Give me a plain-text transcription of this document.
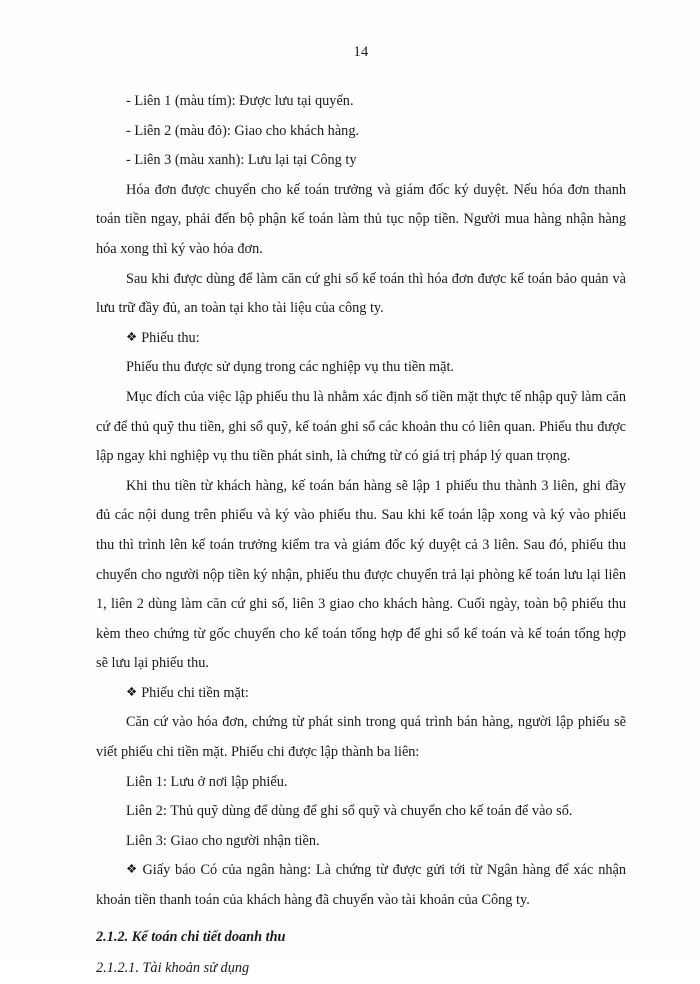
14

- Liên 1 (màu tím): Được lưu tại quyển.

- Liên 2 (màu đỏ): Giao cho khách hàng.

- Liên 3 (màu xanh): Lưu lại tại Công ty

Hóa đơn được chuyển cho kế toán trưởng và giám đốc ký duyệt. Nếu hóa đơn thanh toán tiền ngay, phải đến bộ phận kế toán làm thủ tục nộp tiền. Người mua hàng nhận hàng hóa xong thì ký vào hóa đơn.

Sau khi được dùng để làm căn cứ ghi sổ kế toán thì hóa đơn được kế toán bảo quản và lưu trữ đầy đủ, an toàn tại kho tài liệu của công ty.

❖ Phiếu thu:

Phiếu thu được sử dụng trong các nghiệp vụ thu tiền mặt.

Mục đích của việc lập phiếu thu là nhằm xác định số tiền mặt thực tế nhập quỹ làm căn cứ để thủ quỹ thu tiền, ghi sổ quỹ, kế toán ghi sổ các khoản thu có liên quan. Phiếu thu được lập ngay khi nghiệp vụ thu tiền phát sinh, là chứng từ có giá trị pháp lý quan trọng.

Khi thu tiền từ khách hàng, kế toán bán hàng sẽ lập 1 phiếu thu thành 3 liên, ghi đầy đủ các nội dung trên phiếu và ký vào phiếu thu. Sau khi kế toán lập xong và ký vào phiếu thu thì trình lên kế toán trưởng kiểm tra và giám đốc ký duyệt cả 3 liên. Sau đó, phiếu thu chuyển cho người nộp tiền ký nhận, phiếu thu được chuyển trả lại phòng kế toán lưu lại liên 1, liên 2 dùng làm căn cứ ghi sổ, liên 3 giao cho khách hàng. Cuối ngày, toàn bộ phiếu thu kèm theo chứng từ gốc chuyển cho kế toán tổng hợp để ghi sổ kế toán và kế toán tổng hợp sẽ lưu lại phiếu thu.

❖ Phiếu chi tiền mặt:

Căn cứ vào hóa đơn, chứng từ phát sinh trong quá trình bán hàng, người lập phiếu sẽ viết phiếu chi tiền mặt. Phiếu chi được lập thành ba liên:

Liên 1: Lưu ở nơi lập phiếu.

Liên 2: Thủ quỹ dùng để dùng để ghi sổ quỹ và chuyển cho kế toán để vào sổ.

Liên 3: Giao cho người nhận tiền.

❖ Giấy báo Có của ngân hàng: Là chứng từ được gửi tới từ Ngân hàng để xác nhận khoản tiền thanh toán của khách hàng đã chuyển vào tài khoản của Công ty.

2.1.2. Kế toán chi tiết doanh thu

2.1.2.1. Tài khoản sử dụng
